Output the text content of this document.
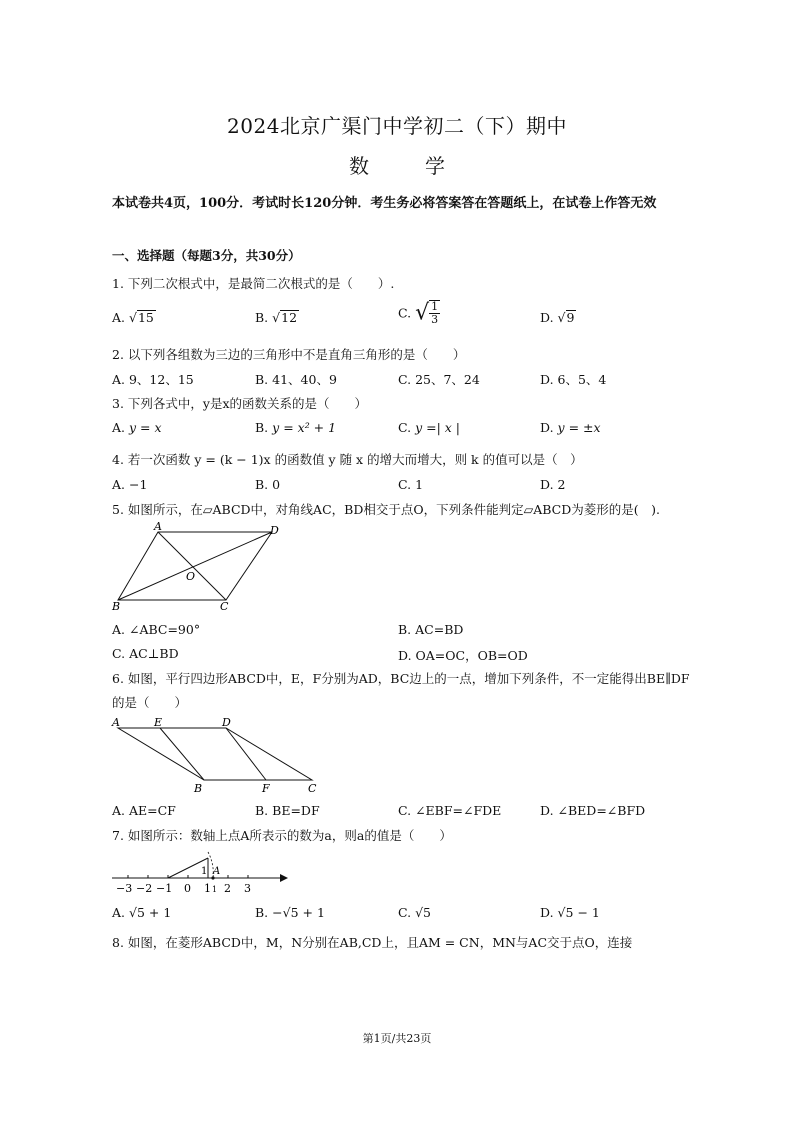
2024北京广渠门中学初二（下）期中
数	学
本试卷共4页，100分．考试时长120分钟．考生务必将答案答在答题纸上，在试卷上作答无效
一、选择题（每题3分，共30分）
1. 下列二次根式中，是最简二次根式的是（　　）.
A. √15	B. √12	C. √ $\frac{1}{3}$	D. √9
2. 以下列各组数为三边的三角形中不是直角三角形的是（　　）
A. 9、12、15	B. 41、40、9	C. 25、7、24	D. 6、5、4
3. 下列各式中，y是x的函数关系的是（　　）
A. y = x	B. y = x² + 1	C. y =| x |	D. y = ±x
4. 若一次函数 y = (k − 1)x 的函数值 y 随 x 的增大而增大，则 k 的值可以是（　）
A. −1	B. 0	C. 1	D. 2
5. 如图所示，在▱ABCD中，对角线AC，BD相交于点O，下列条件能判定▱ABCD为菱形的是(　).
A	D
B	C
O
A. ∠ABC=90°	B. AC=BD
C. AC⊥BD	D. OA=OC，OB=OD
6. 如图，平行四边形ABCD中，E，F分别为AD，BC边上的一点，增加下列条件，不一定能得出BE∥DF
的是（　　）
A	E	D
B	F	C
A. AE=CF	B. BE=DF	C. ∠EBF=∠FDE	D. ∠BED=∠BFD
7. 如图所示：数轴上点A所表示的数为a，则a的值是（　　）
1 A
−3 −2 −1 0 1 2 3
1
A. √5 + 1	B. −√5 + 1	C. √5	D. √5 − 1
8. 如图，在菱形ABCD中，M，N分别在AB,CD上，且AM = CN，MN与AC交于点O，连接
第1页/共23页
